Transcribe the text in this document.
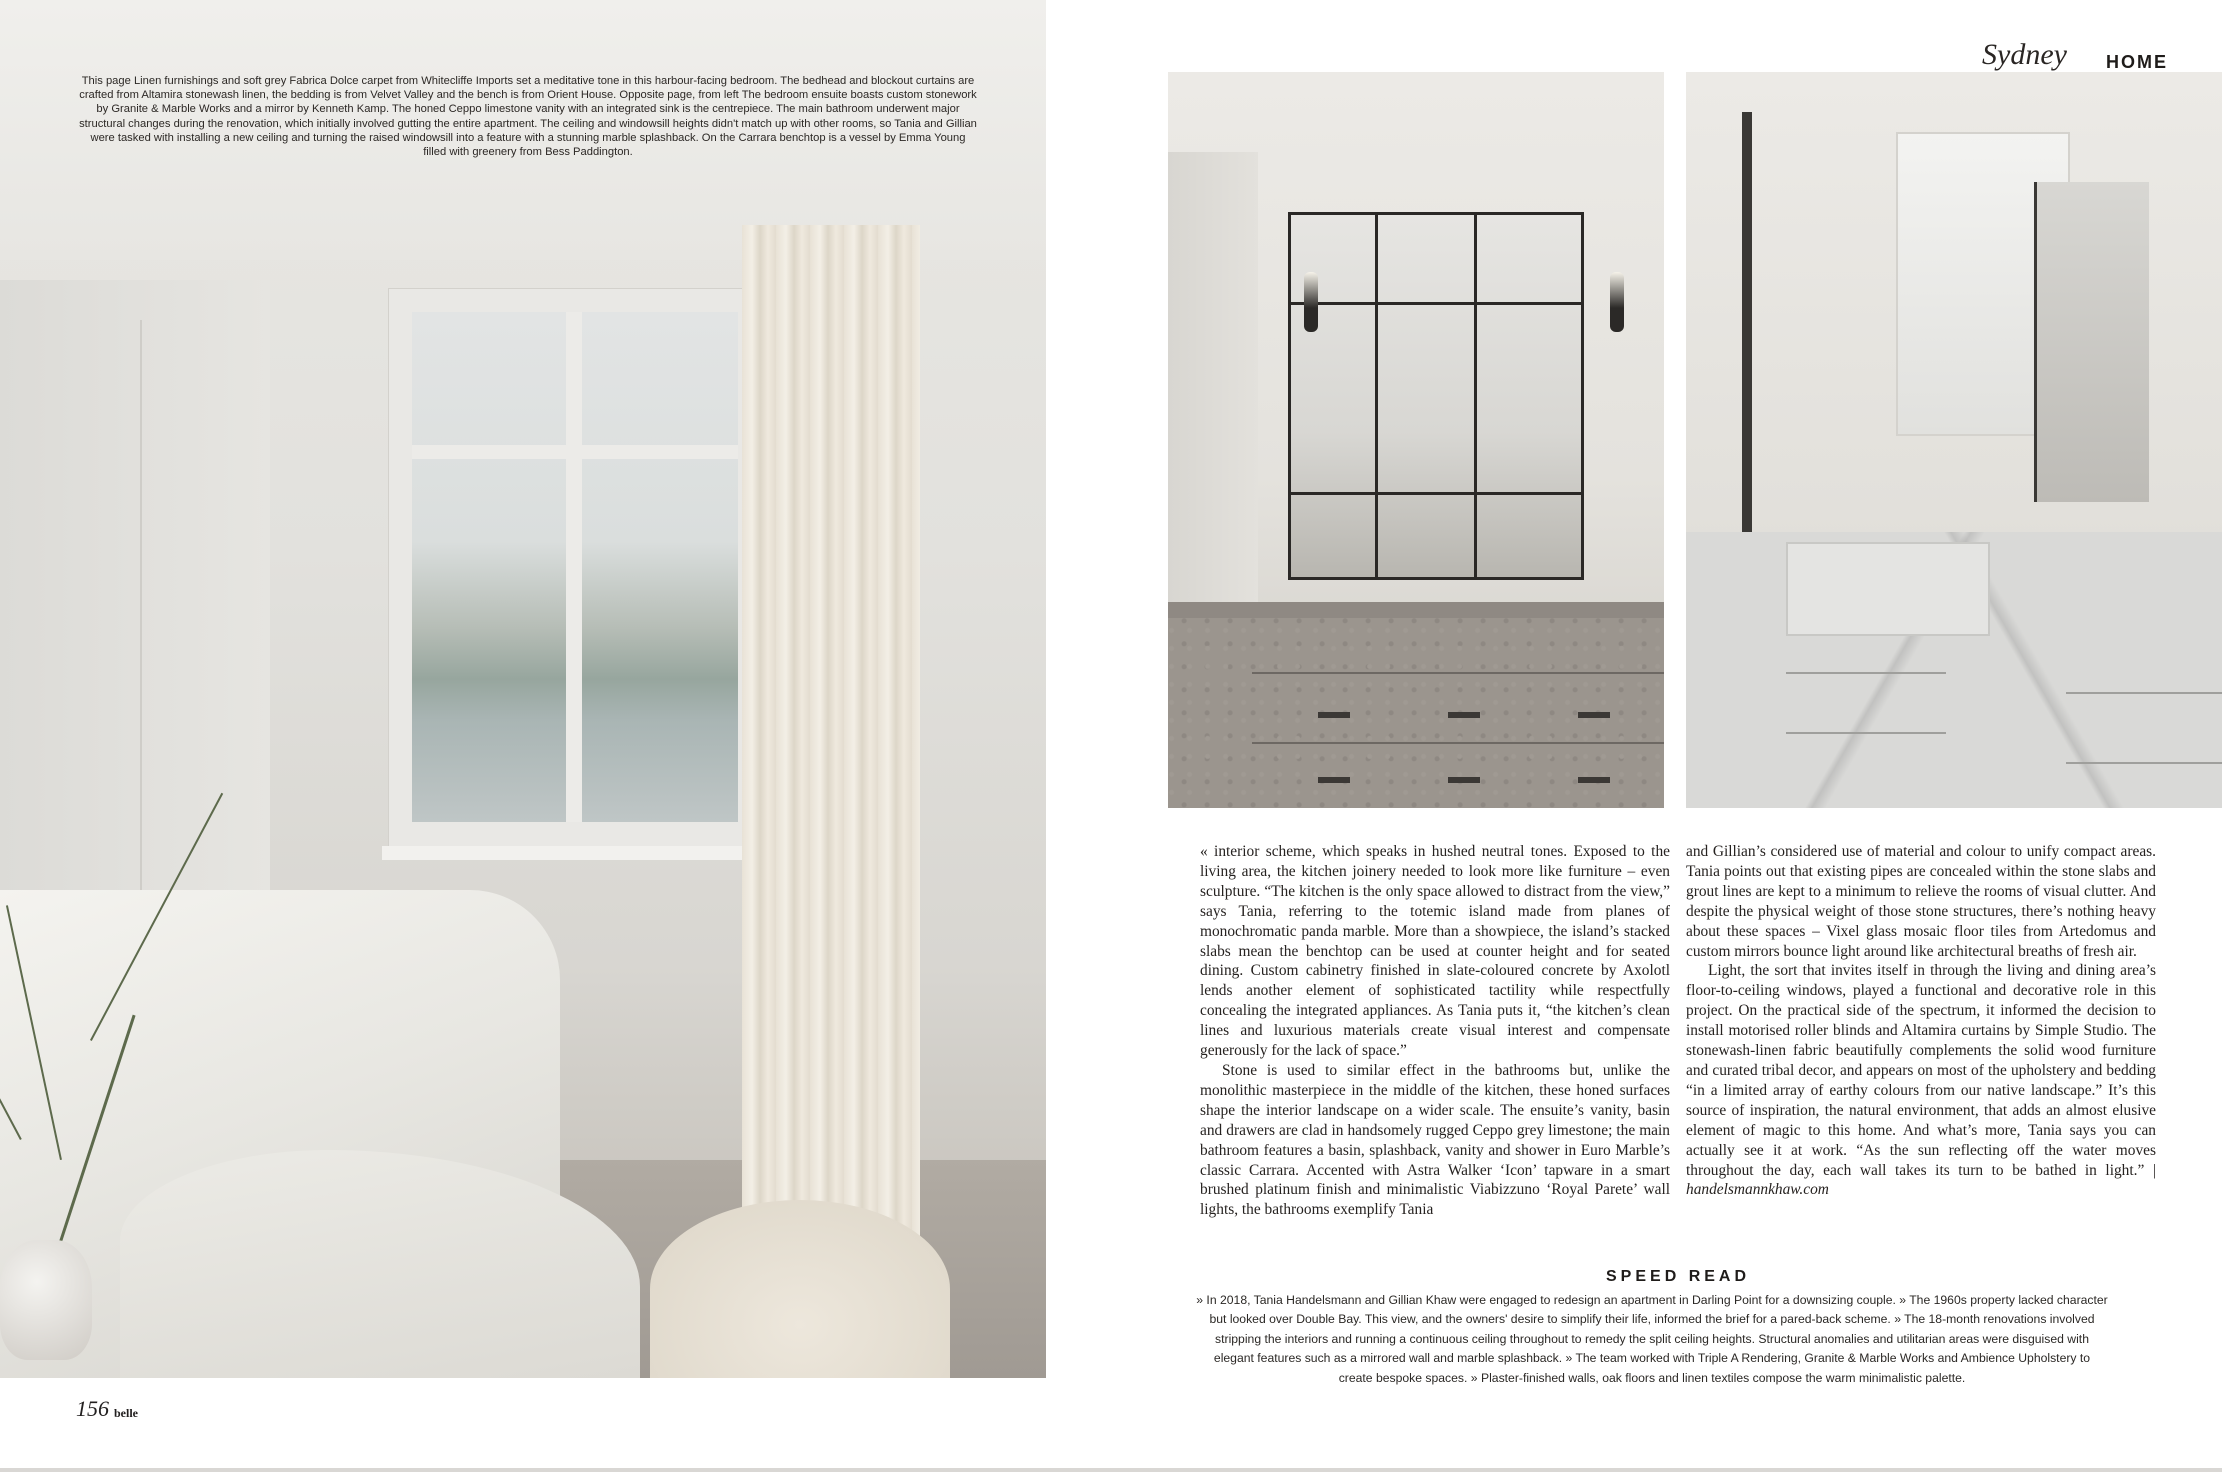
This page Linen furnishings and soft grey Fabrica Dolce carpet from Whitecliffe Imports set a meditative tone in this harbour-facing bedroom. The bedhead and blockout curtains are crafted from Altamira stonewash linen, the bedding is from Velvet Valley and the bench is from Orient House. Opposite page, from left The bedroom ensuite boasts custom stonework by Granite & Marble Works and a mirror by Kenneth Kamp. The honed Ceppo limestone vanity with an integrated sink is the centrepiece. The main bathroom underwent major structural changes during the renovation, which initially involved gutting the entire apartment. The ceiling and windowsill heights didn't match up with other rooms, so Tania and Gillian were tasked with installing a new ceiling and turning the raised windowsill into a feature with a stunning marble splashback. On the Carrara benchtop is a vessel by Emma Young filled with greenery from Bess Paddington.
Sydney HOME

« interior scheme, which speaks in hushed neutral tones. Exposed to the living area, the kitchen joinery needed to look more like furniture – even sculpture. “The kitchen is the only space allowed to distract from the view,” says Tania, referring to the totemic island made from planes of monochromatic panda marble. More than a showpiece, the island’s stacked slabs mean the benchtop can be used at counter height and for seated dining. Custom cabinetry finished in slate-coloured concrete by Axolotl lends another element of sophisticated tactility while respectfully concealing the integrated appliances. As Tania puts it, “the kitchen’s clean lines and luxurious materials create visual interest and compensate generously for the lack of space.”

Stone is used to similar effect in the bathrooms but, unlike the monolithic masterpiece in the middle of the kitchen, these honed surfaces shape the interior landscape on a wider scale. The ensuite’s vanity, basin and drawers are clad in handsomely rugged Ceppo grey limestone; the main bathroom features a basin, splashback, vanity and shower in Euro Marble’s classic Carrara. Accented with Astra Walker ‘Icon’ tapware in a smart brushed platinum finish and minimalistic Viabizzuno ‘Royal Parete’ wall lights, the bathrooms exemplify Tania

and Gillian’s considered use of material and colour to unify compact areas. Tania points out that existing pipes are concealed within the stone slabs and grout lines are kept to a minimum to relieve the rooms of visual clutter. And despite the physical weight of those stone structures, there’s nothing heavy about these spaces – Vixel glass mosaic floor tiles from Artedomus and custom mirrors bounce light around like architectural breaths of fresh air.

Light, the sort that invites itself in through the living and dining area’s floor-to-ceiling windows, played a functional and decorative role in this project. On the practical side of the spectrum, it informed the decision to install motorised roller blinds and Altamira curtains by Simple Studio. The stonewash-linen fabric beautifully complements the solid wood furniture and curated tribal decor, and appears on most of the upholstery and bedding “in a limited array of earthy colours from our native landscape.” It’s this source of inspiration, the natural environment, that adds an almost elusive element of magic to this home. And what’s more, Tania says you can actually see it at work. “As the sun reflecting off the water moves throughout the day, each wall takes its turn to be bathed in light.” | handelsmannkhaw.com

SPEED READ
» In 2018, Tania Handelsmann and Gillian Khaw were engaged to redesign an apartment in Darling Point for a downsizing couple. » The 1960s property lacked character but looked over Double Bay. This view, and the owners' desire to simplify their life, informed the brief for a pared-back scheme. » The 18-month renovations involved stripping the interiors and running a continuous ceiling throughout to remedy the split ceiling heights. Structural anomalies and utilitarian areas were disguised with elegant features such as a mirrored wall and marble splashback. » The team worked with Triple A Rendering, Granite & Marble Works and Ambience Upholstery to create bespoke spaces. » Plaster-finished walls, oak floors and linen textiles compose the warm minimalistic palette.
156 belle
